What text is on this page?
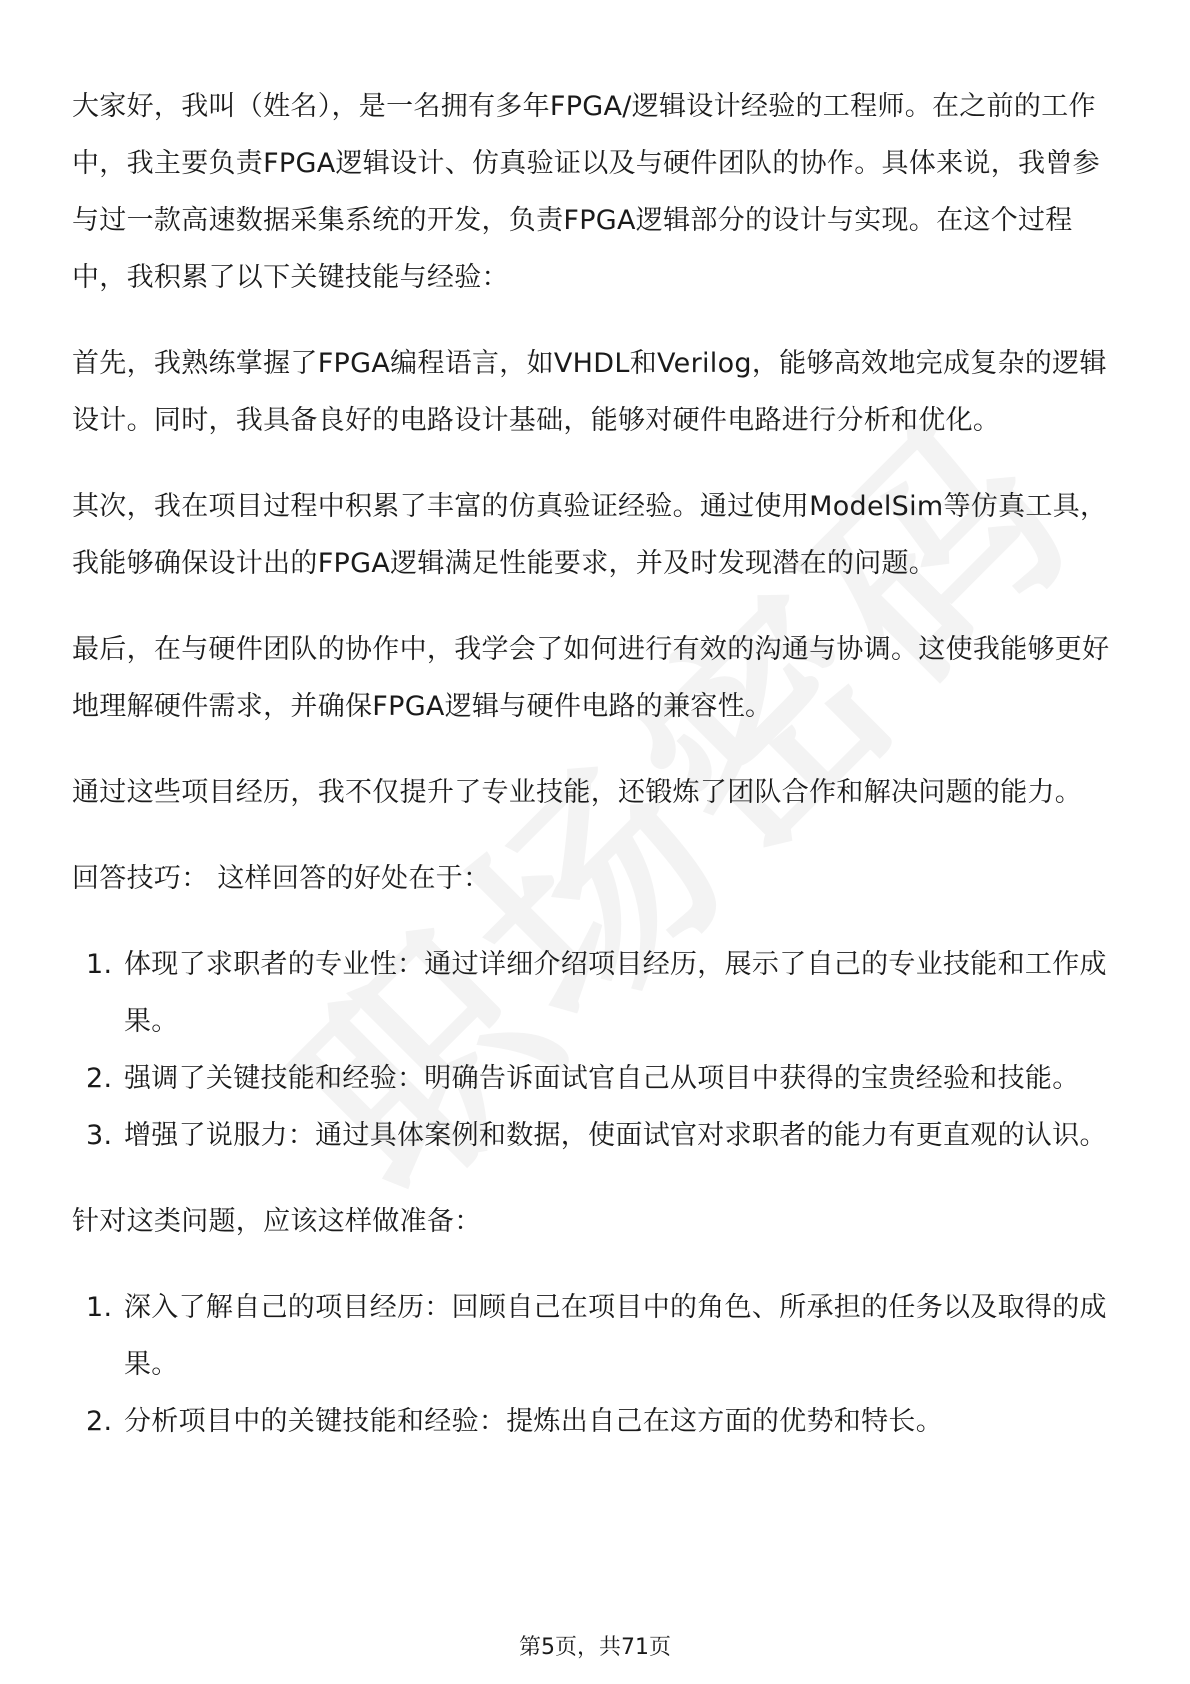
大家好，我叫（姓名），是一名拥有多年FPGA/逻辑设计经验的工程师。在之前的工作中，我主要负责FPGA逻辑设计、仿真验证以及与硬件团队的协作。具体来说，我曾参与过一款高速数据采集系统的开发，负责FPGA逻辑部分的设计与实现。在这个过程中，我积累了以下关键技能与经验：

首先，我熟练掌握了FPGA编程语言，如VHDL和Verilog，能够高效地完成复杂的逻辑设计。同时，我具备良好的电路设计基础，能够对硬件电路进行分析和优化。

其次，我在项目过程中积累了丰富的仿真验证经验。通过使用ModelSim等仿真工具，我能够确保设计出的FPGA逻辑满足性能要求，并及时发现潜在的问题。

最后，在与硬件团队的协作中，我学会了如何进行有效的沟通与协调。这使我能够更好地理解硬件需求，并确保FPGA逻辑与硬件电路的兼容性。

通过这些项目经历，我不仅提升了专业技能，还锻炼了团队合作和解决问题的能力。

回答技巧： 这样回答的好处在于：

1. 体现了求职者的专业性：通过详细介绍项目经历，展示了自己的专业技能和工作成果。
2. 强调了关键技能和经验：明确告诉面试官自己从项目中获得的宝贵经验和技能。
3. 增强了说服力：通过具体案例和数据，使面试官对求职者的能力有更直观的认识。

针对这类问题，应该这样做准备：

1. 深入了解自己的项目经历：回顾自己在项目中的角色、所承担的任务以及取得的成果。
2. 分析项目中的关键技能和经验：提炼出自己在这方面的优势和特长。
第5页，共71页
